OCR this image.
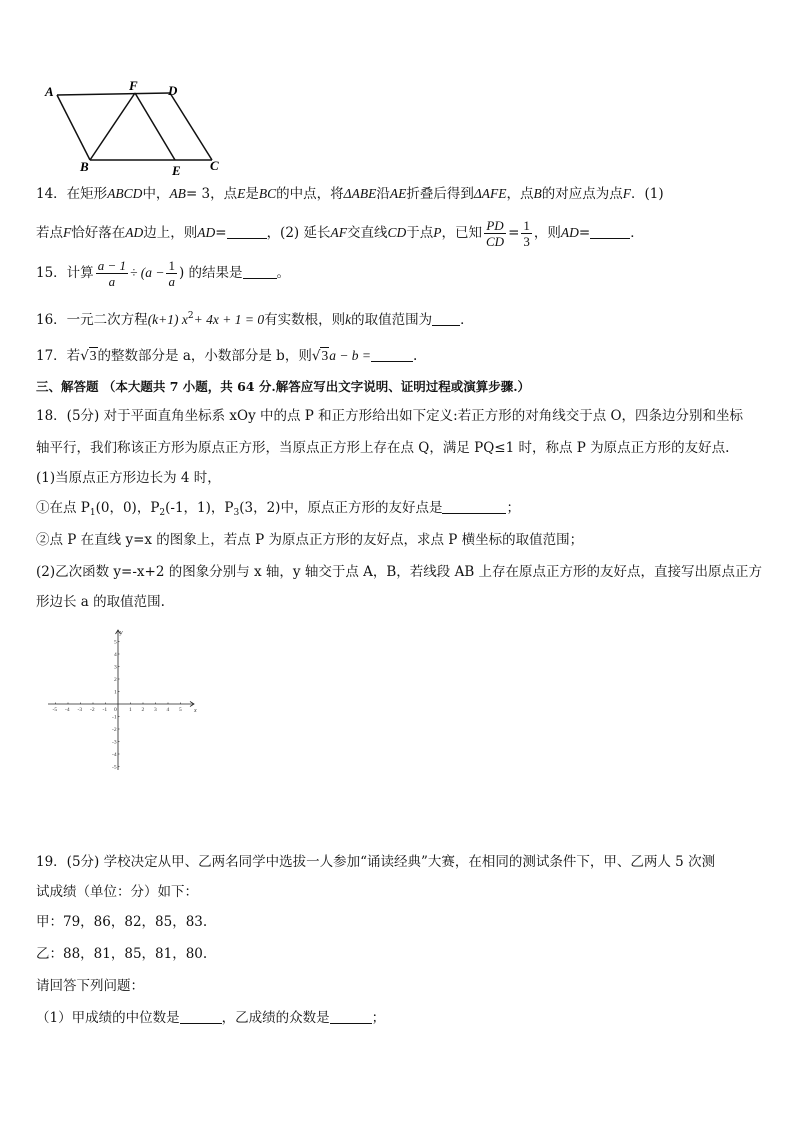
A	F D
B	E C
14．在矩形ABCD中，AB= 3，点E是BC的中点，将ΔABE沿AE折叠后得到ΔAFE，点B的对应点为点F．(1)
若点F恰好落在AD边上，则AD=	，(2) 延长AF交直线CD于点P，已知 $\frac{PD}{CD} = \frac{1}{3}$ ，则AD=	．
15．计算 $\frac{a - 1}{a} \div (a - \frac{1}{a}$ ) 的结果是	。
16．一元二次方程(k+1) $x^2+ 4x + 1 = 0$有实数根，则k的取值范围为 ．
17．若√3的整数部分是 a，小数部分是 b，则√3a − b =	.
三、解答题 （本大题共 7 小题，共 64 分.解答应写出文字说明、证明过程或演算步骤.）
18．(5分) 对于平面直角坐标系 xOy 中的点 P 和正方形给出如下定义:若正方形的对角线交于点 O，四条边分别和坐标
轴平行，我们称该正方形为原点正方形，当原点正方形上存在点 Q，满足 PQ≤1 时，称点 P 为原点正方形的友好点.
(1)当原点正方形边长为 4 时，
①在点 $P_1(0$，0)，$P_2(-1$，1)，$P_3(3$，2)中，原点正方形的友好点是	；
②点 P 在直线 y=x 的图象上，若点 P 为原点正方形的友好点，求点 P 横坐标的取值范围；
(2)乙次函数 y=-x+2 的图象分别与 x 轴，y 轴交于点 A，B，若线段 AB 上存在原点正方形的友好点，直接写出原点正方
形边长 a 的取值范围.
-5 -4 -3 -2 -1 0 1 2 3 4 5
5
4
3
2
1
-1
-2
-3
-4
-5
x
y
19．(5分) 学校决定从甲、乙两名同学中选拔一人参加“诵读经典”大赛，在相同的测试条件下，甲、乙两人 5 次测
试成绩（单位：分）如下：
甲：79，86，82，85，83.
乙：88，81，85，81，80.
请回答下列问题：
（1）甲成绩的中位数是	，乙成绩的众数是	；
